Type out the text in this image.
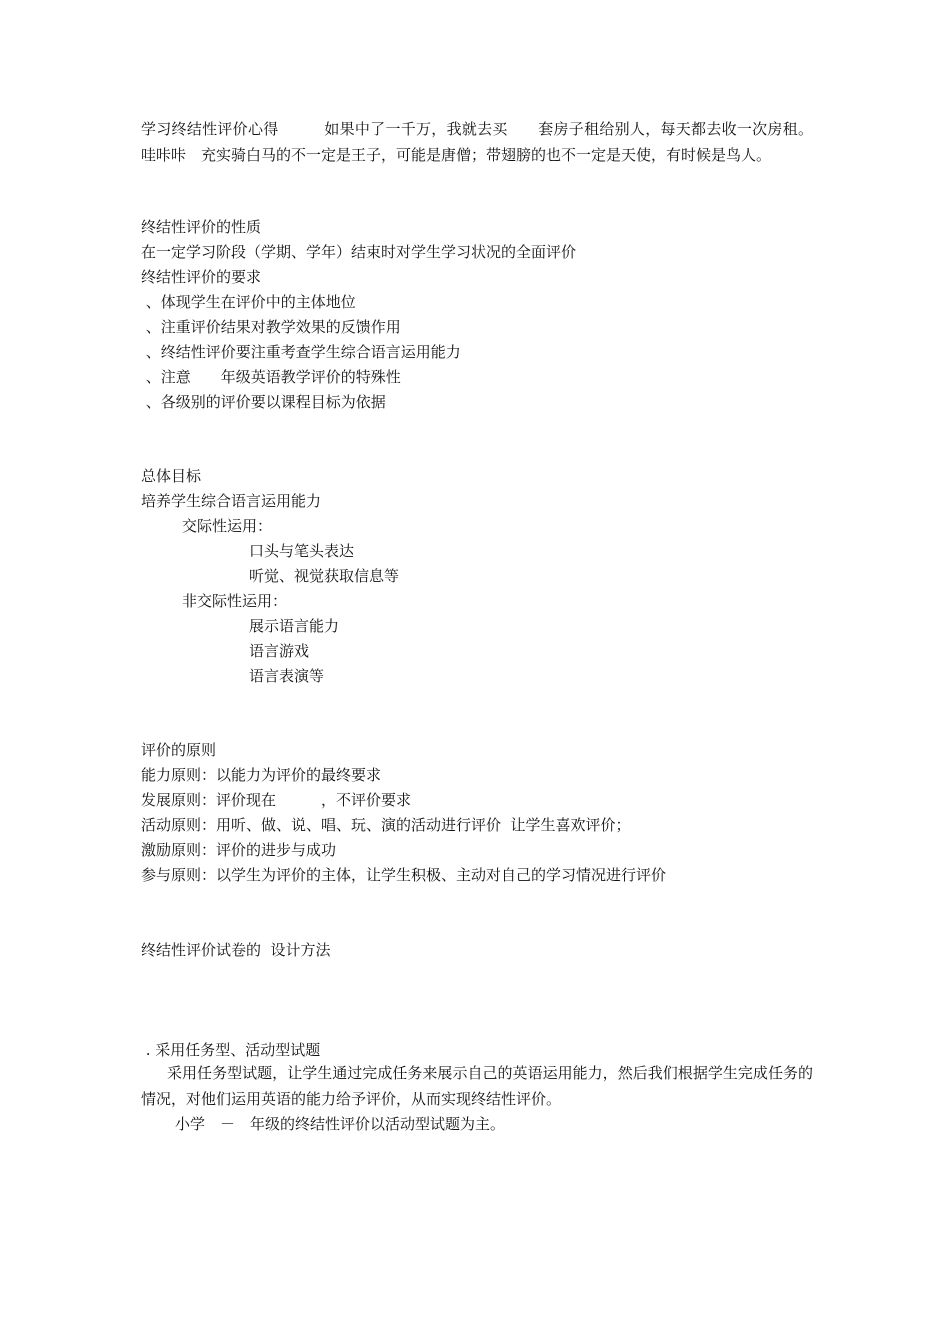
学习终结性评价心得　　　如果中了一千万，我就去买　　套房子租给别人，每天都去收一次房租。哇咔咔　充实骑白马的不一定是王子，可能是唐僧；带翅膀的也不一定是天使，有时候是鸟人。
终结性评价的性质
在一定学习阶段（学期、学年）结束时对学生学习状况的全面评价
终结性评价的要求
、体现学生在评价中的主体地位
、注重评价结果对教学效果的反馈作用
、终结性评价要注重考查学生综合语言运用能力
、注意　　年级英语教学评价的特殊性
、各级别的评价要以课程目标为依据
总体目标
培养学生综合语言运用能力
交际性运用：
口头与笔头表达
听觉、视觉获取信息等
非交际性运用：
展示语言能力
语言游戏
语言表演等
评价的原则
能力原则：以能力为评价的最终要求
发展原则：评价现在　　　，不评价要求
活动原则：用听、做、说、唱、玩、演的活动进行评价  让学生喜欢评价；
激励原则：评价的进步与成功
参与原则：以学生为评价的主体，让学生积极、主动对自己的学习情况进行评价
终结性评价试卷的  设计方法
. 采用任务型、活动型试题
采用任务型试题，让学生通过完成任务来展示自己的英语运用能力，然后我们根据学生完成任务的情况，对他们运用英语的能力给予评价，从而实现终结性评价。
小学　－　年级的终结性评价以活动型试题为主。
